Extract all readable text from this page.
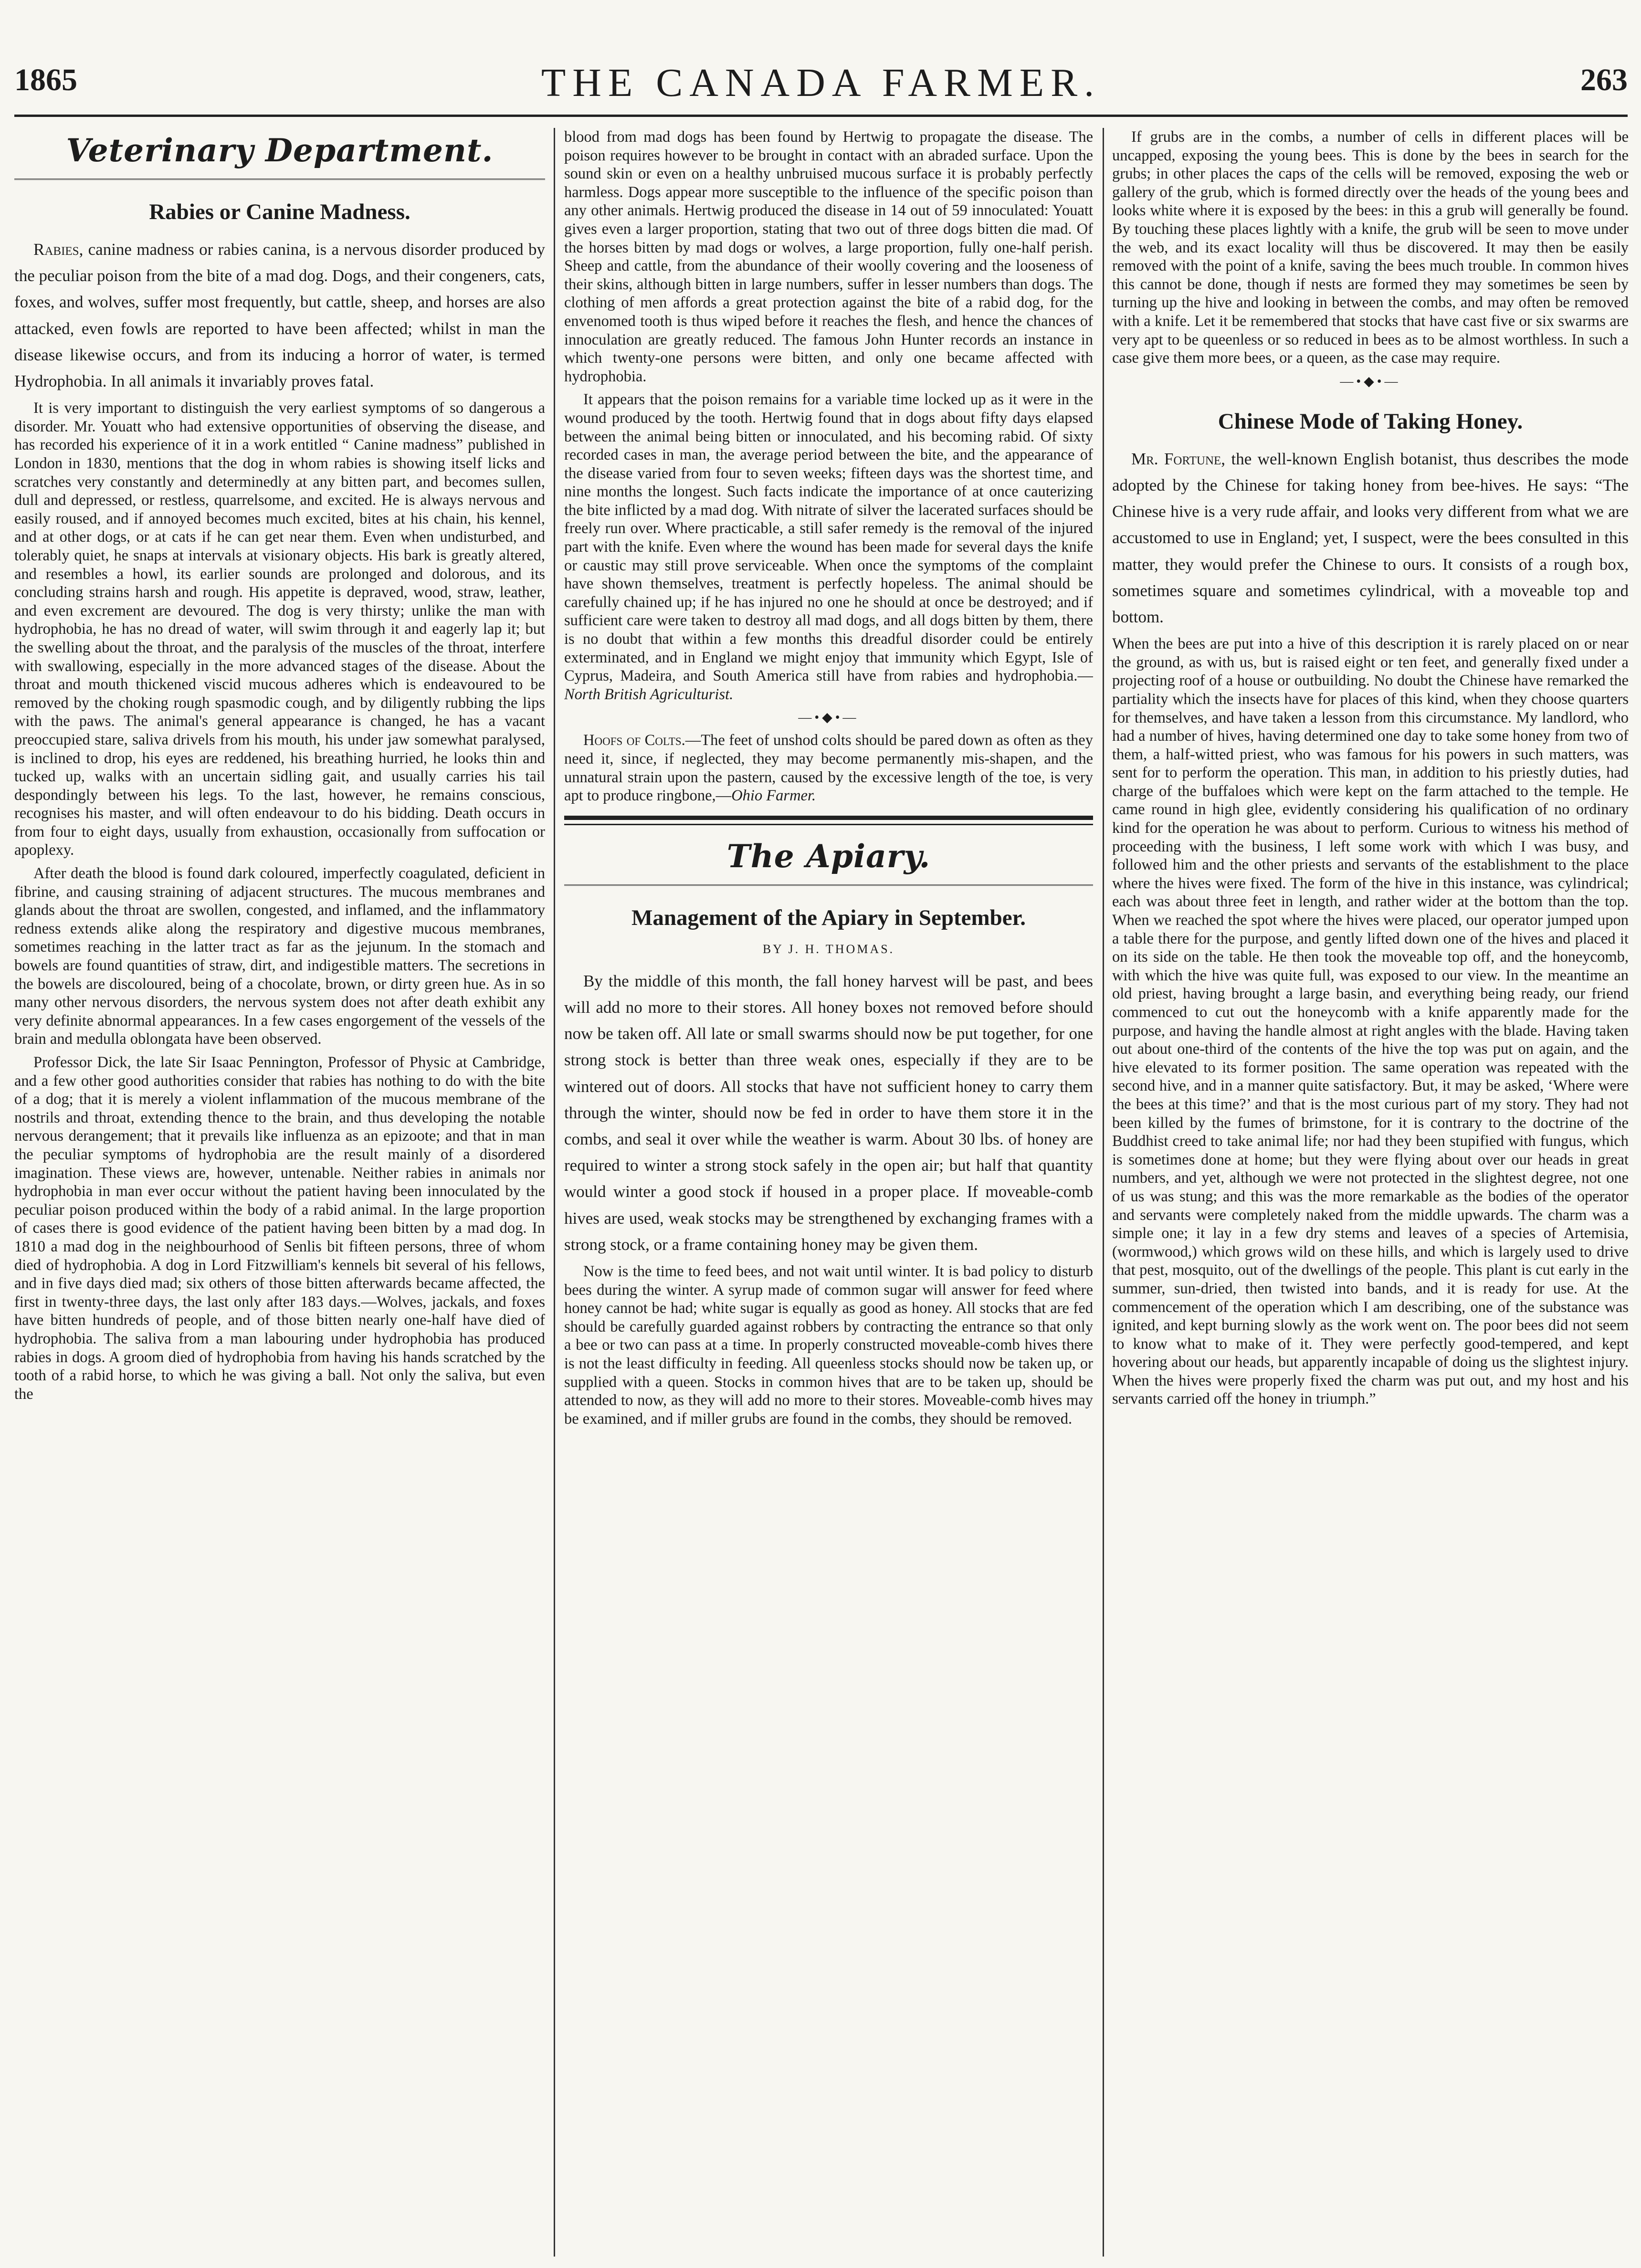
1865	THE CANADA FARMER.	263
Veterinary Department.
Rabies or Canine Madness.

Rabies, canine madness or rabies canina, is a nervous disorder produced by the peculiar poison from the bite of a mad dog. Dogs, and their congeners, cats, foxes, and wolves, suffer most frequently, but cattle, sheep, and horses are also attacked, even fowls are reported to have been affected; whilst in man the disease likewise occurs, and from its inducing a horror of water, is termed Hydrophobia. In all animals it invariably proves fatal.

It is very important to distinguish the very earliest symptoms of so dangerous a disorder. Mr. Youatt who had extensive opportunities of observing the disease, and has recorded his experience of it in a work entitled “ Canine madness” published in London in 1830, mentions that the dog in whom rabies is showing itself licks and scratches very constantly and determinedly at any bitten part, and becomes sullen, dull and depressed, or restless, quarrelsome, and excited. He is always nervous and easily roused, and if annoyed becomes much excited, bites at his chain, his kennel, and at other dogs, or at cats if he can get near them. Even when undisturbed, and tolerably quiet, he snaps at intervals at visionary objects. His bark is greatly altered, and resembles a howl, its earlier sounds are prolonged and dolorous, and its concluding strains harsh and rough. His appetite is depraved, wood, straw, leather, and even excrement are devoured. The dog is very thirsty; unlike the man with hydrophobia, he has no dread of water, will swim through it and eagerly lap it; but the swelling about the throat, and the paralysis of the muscles of the throat, interfere with swallowing, especially in the more advanced stages of the disease. About the throat and mouth thickened viscid mucous adheres which is endeavoured to be removed by the choking rough spasmodic cough, and by diligently rubbing the lips with the paws. The animal's general appearance is changed, he has a vacant preoccupied stare, saliva drivels from his mouth, his under jaw somewhat paralysed, is inclined to drop, his eyes are reddened, his breathing hurried, he looks thin and tucked up, walks with an uncertain sidling gait, and usually carries his tail despondingly between his legs. To the last, however, he remains conscious, recognises his master, and will often endeavour to do his bidding. Death occurs in from four to eight days, usually from exhaustion, occasionally from suffocation or apoplexy.

After death the blood is found dark coloured, imperfectly coagulated, deficient in fibrine, and causing straining of adjacent structures. The mucous membranes and glands about the throat are swollen, congested, and inflamed, and the inflammatory redness extends alike along the respiratory and digestive mucous membranes, sometimes reaching in the latter tract as far as the jejunum. In the stomach and bowels are found quantities of straw, dirt, and indigestible matters. The secretions in the bowels are discoloured, being of a chocolate, brown, or dirty green hue. As in so many other nervous disorders, the nervous system does not after death exhibit any very definite abnormal appearances. In a few cases engorgement of the vessels of the brain and medulla oblongata have been observed.

Professor Dick, the late Sir Isaac Pennington, Professor of Physic at Cambridge, and a few other good authorities consider that rabies has nothing to do with the bite of a dog; that it is merely a violent inflammation of the mucous membrane of the nostrils and throat, extending thence to the brain, and thus developing the notable nervous derangement; that it prevails like influenza as an epizoote; and that in man the peculiar symptoms of hydrophobia are the result mainly of a disordered imagination. These views are, however, untenable. Neither rabies in animals nor hydrophobia in man ever occur without the patient having been innoculated by the peculiar poison produced within the body of a rabid animal. In the large proportion of cases there is good evidence of the patient having been bitten by a mad dog. In 1810 a mad dog in the neighbourhood of Senlis bit fifteen persons, three of whom died of hydrophobia. A dog in Lord Fitzwilliam's kennels bit several of his fellows, and in five days died mad; six others of those bitten afterwards became affected, the first in twenty-three days, the last only after 183 days.—Wolves, jackals, and foxes have bitten hundreds of people, and of those bitten nearly one-half have died of hydrophobia. The saliva from a man labouring under hydrophobia has produced rabies in dogs. A groom died of hydrophobia from having his hands scratched by the tooth of a rabid horse, to which he was giving a ball. Not only the saliva, but even the

blood from mad dogs has been found by Hertwig to propagate the disease. The poison requires however to be brought in contact with an abraded surface. Upon the sound skin or even on a healthy unbruised mucous surface it is probably perfectly harmless. Dogs appear more susceptible to the influence of the specific poison than any other animals. Hertwig produced the disease in 14 out of 59 innoculated: Youatt gives even a larger proportion, stating that two out of three dogs bitten die mad. Of the horses bitten by mad dogs or wolves, a large proportion, fully one-half perish. Sheep and cattle, from the abundance of their woolly covering and the looseness of their skins, although bitten in large numbers, suffer in lesser numbers than dogs. The clothing of men affords a great protection against the bite of a rabid dog, for the envenomed tooth is thus wiped before it reaches the flesh, and hence the chances of innoculation are greatly reduced. The famous John Hunter records an instance in which twenty-one persons were bitten, and only one became affected with hydrophobia.

It appears that the poison remains for a variable time locked up as it were in the wound produced by the tooth. Hertwig found that in dogs about fifty days elapsed between the animal being bitten or innoculated, and his becoming rabid. Of sixty recorded cases in man, the average period between the bite, and the appearance of the disease varied from four to seven weeks; fifteen days was the shortest time, and nine months the longest. Such facts indicate the importance of at once cauterizing the bite inflicted by a mad dog. With nitrate of silver the lacerated surfaces should be freely run over. Where practicable, a still safer remedy is the removal of the injured part with the knife. Even where the wound has been made for several days the knife or caustic may still prove serviceable. When once the symptoms of the complaint have shown themselves, treatment is perfectly hopeless. The animal should be carefully chained up; if he has injured no one he should at once be destroyed; and if sufficient care were taken to destroy all mad dogs, and all dogs bitten by them, there is no doubt that within a few months this dreadful disorder could be entirely exterminated, and in England we might enjoy that immunity which Egypt, Isle of Cyprus, Madeira, and South America still have from rabies and hydrophobia.—North British Agriculturist.

—•◆•—

Hoofs of Colts.—The feet of unshod colts should be pared down as often as they need it, since, if neglected, they may become permanently mis-shapen, and the unnatural strain upon the pastern, caused by the excessive length of the toe, is very apt to produce ringbone,—Ohio Farmer.

The Apiary.
Management of the Apiary in September.
BY J. H. THOMAS.

By the middle of this month, the fall honey harvest will be past, and bees will add no more to their stores. All honey boxes not removed before should now be taken off. All late or small swarms should now be put together, for one strong stock is better than three weak ones, especially if they are to be wintered out of doors. All stocks that have not sufficient honey to carry them through the winter, should now be fed in order to have them store it in the combs, and seal it over while the weather is warm. About 30 lbs. of honey are required to winter a strong stock safely in the open air; but half that quantity would winter a good stock if housed in a proper place. If moveable-comb hives are used, weak stocks may be strengthened by exchanging frames with a strong stock, or a frame containing honey may be given them.

Now is the time to feed bees, and not wait until winter. It is bad policy to disturb bees during the winter. A syrup made of common sugar will answer for feed where honey cannot be had; white sugar is equally as good as honey. All stocks that are fed should be carefully guarded against robbers by contracting the entrance so that only a bee or two can pass at a time. In properly constructed moveable-comb hives there is not the least difficulty in feeding. All queenless stocks should now be taken up, or supplied with a queen. Stocks in common hives that are to be taken up, should be attended to now, as they will add no more to their stores. Moveable-comb hives may be examined, and if miller grubs are found in the combs, they should be removed.

If grubs are in the combs, a number of cells in different places will be uncapped, exposing the young bees. This is done by the bees in search for the grubs; in other places the caps of the cells will be removed, exposing the web or gallery of the grub, which is formed directly over the heads of the young bees and looks white where it is exposed by the bees: in this a grub will generally be found. By touching these places lightly with a knife, the grub will be seen to move under the web, and its exact locality will thus be discovered. It may then be easily removed with the point of a knife, saving the bees much trouble. In common hives this cannot be done, though if nests are formed they may sometimes be seen by turning up the hive and looking in between the combs, and may often be removed with a knife. Let it be remembered that stocks that have cast five or six swarms are very apt to be queenless or so reduced in bees as to be almost worthless. In such a case give them more bees, or a queen, as the case may require.

—•◆•—
Chinese Mode of Taking Honey.

Mr. Fortune, the well-known English botanist, thus describes the mode adopted by the Chinese for taking honey from bee-hives. He says: “The Chinese hive is a very rude affair, and looks very different from what we are accustomed to use in England; yet, I suspect, were the bees consulted in this matter, they would prefer the Chinese to ours. It consists of a rough box, sometimes square and sometimes cylindrical, with a moveable top and bottom.

When the bees are put into a hive of this description it is rarely placed on or near the ground, as with us, but is raised eight or ten feet, and generally fixed under a projecting roof of a house or outbuilding. No doubt the Chinese have remarked the partiality which the insects have for places of this kind, when they choose quarters for themselves, and have taken a lesson from this circumstance. My landlord, who had a number of hives, having determined one day to take some honey from two of them, a half-witted priest, who was famous for his powers in such matters, was sent for to perform the operation. This man, in addition to his priestly duties, had charge of the buffaloes which were kept on the farm attached to the temple. He came round in high glee, evidently considering his qualification of no ordinary kind for the operation he was about to perform. Curious to witness his method of proceeding with the business, I left some work with which I was busy, and followed him and the other priests and servants of the establishment to the place where the hives were fixed. The form of the hive in this instance, was cylindrical; each was about three feet in length, and rather wider at the bottom than the top. When we reached the spot where the hives were placed, our operator jumped upon a table there for the purpose, and gently lifted down one of the hives and placed it on its side on the table. He then took the moveable top off, and the honeycomb, with which the hive was quite full, was exposed to our view. In the meantime an old priest, having brought a large basin, and everything being ready, our friend commenced to cut out the honeycomb with a knife apparently made for the purpose, and having the handle almost at right angles with the blade. Having taken out about one-third of the contents of the hive the top was put on again, and the hive elevated to its former position. The same operation was repeated with the second hive, and in a manner quite satisfactory. But, it may be asked, ‘Where were the bees at this time?’ and that is the most curious part of my story. They had not been killed by the fumes of brimstone, for it is contrary to the doctrine of the Buddhist creed to take animal life; nor had they been stupified with fungus, which is sometimes done at home; but they were flying about over our heads in great numbers, and yet, although we were not protected in the slightest degree, not one of us was stung; and this was the more remarkable as the bodies of the operator and servants were completely naked from the middle upwards. The charm was a simple one; it lay in a few dry stems and leaves of a species of Artemisia, (wormwood,) which grows wild on these hills, and which is largely used to drive that pest, mosquito, out of the dwellings of the people. This plant is cut early in the summer, sun-dried, then twisted into bands, and it is ready for use. At the commencement of the operation which I am describing, one of the substance was ignited, and kept burning slowly as the work went on. The poor bees did not seem to know what to make of it. They were perfectly good-tempered, and kept hovering about our heads, but apparently incapable of doing us the slightest injury. When the hives were properly fixed the charm was put out, and my host and his servants carried off the honey in triumph.”
